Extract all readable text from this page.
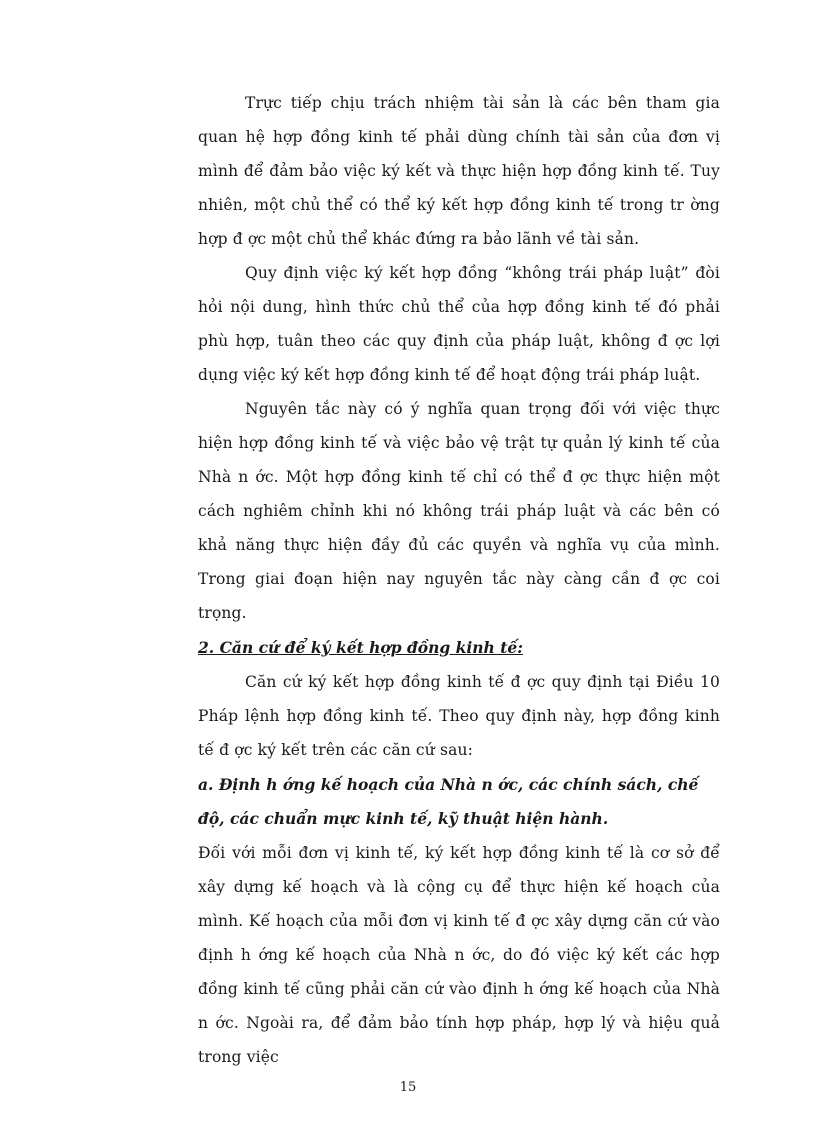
Trực tiếp chịu trách nhiệm tài sản là các bên tham gia quan hệ hợp đồng kinh tế phải dùng chính tài sản của đơn vị mình để đảm bảo việc ký kết và thực hiện hợp đồng kinh tế. Tuy nhiên, một chủ thể có thể ký kết hợp đồng kinh tế trong tr ờng hợp đ ợc một chủ thể khác đứng ra bảo lãnh về tài sản.

Quy định việc ký kết hợp đồng “không trái pháp luật” đòi hỏi nội dung, hình thức chủ thể của hợp đồng kinh tế đó phải phù hợp, tuân theo các quy định của pháp luật, không đ ợc lợi dụng việc ký kết hợp đồng kinh tế để hoạt động trái pháp luật.

Nguyên tắc này có ý nghĩa quan trọng đối với việc thực hiện hợp đồng kinh tế và việc bảo vệ trật tự quản lý kinh tế của Nhà n ớc. Một hợp đồng kinh tế chỉ có thể đ ợc thực hiện một cách nghiêm chỉnh khi nó không trái pháp luật và các bên có khả năng thực hiện đầy đủ các quyền và nghĩa vụ của mình. Trong giai đoạn hiện nay nguyên tắc này càng cần đ ợc coi trọng.

2. Căn cứ để ký kết hợp đồng kinh tế:

Căn cứ ký kết hợp đồng kinh tế đ ợc quy định tại Điều 10 Pháp lệnh hợp đồng kinh tế. Theo quy định này, hợp đồng kinh tế đ ợc ký kết trên các căn cứ sau:

a. Định h ớng kế hoạch của Nhà n ớc, các chính sách, chế độ, các chuẩn mực kinh tế, kỹ thuật hiện hành.

Đối với mỗi đơn vị kinh tế, ký kết hợp đồng kinh tế là cơ sở để xây dựng kế hoạch và là cộng cụ để thực hiện kế hoạch của mình. Kế hoạch của mỗi đơn vị kinh tế đ ợc xây dựng căn cứ vào định h ớng kế hoạch của Nhà n ớc, do đó việc ký kết các hợp đồng kinh tế cũng phải căn cứ vào định h ớng kế hoạch của Nhà n ớc. Ngoài ra, để đảm bảo tính hợp pháp, hợp lý và hiệu quả trong việc

15
